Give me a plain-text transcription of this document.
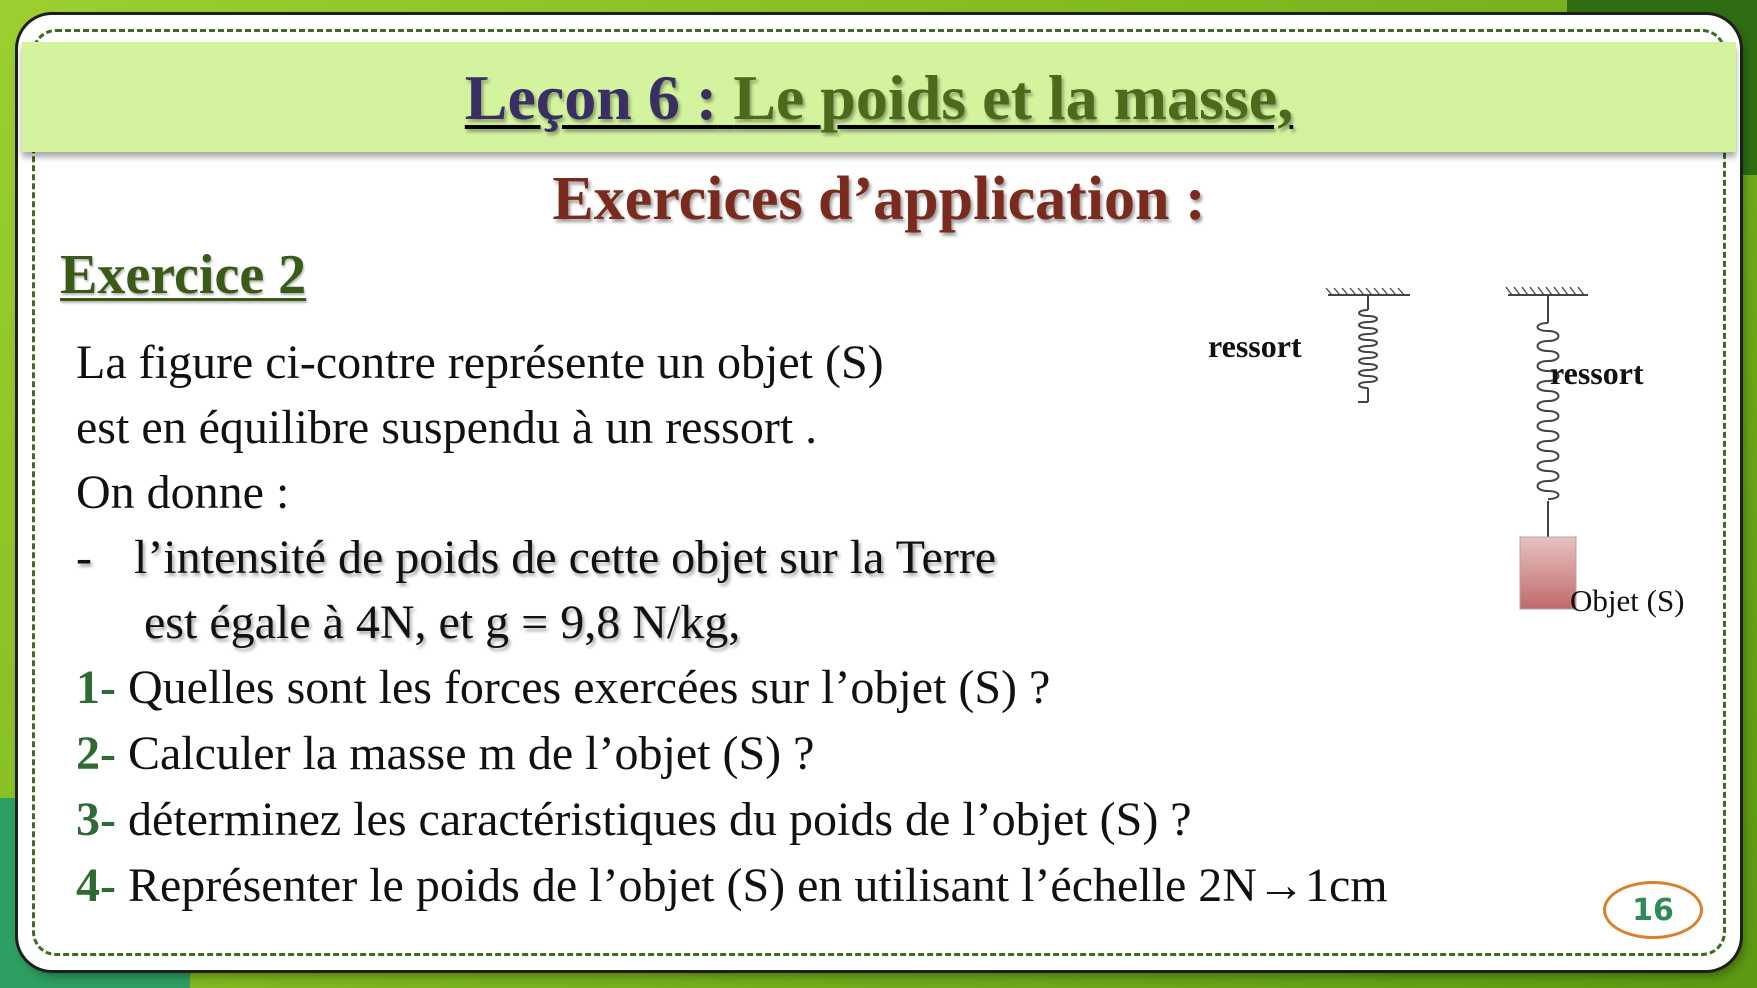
Leçon 6 : Le poids et la masse,
Exercices d’application :
Exercice 2
La figure ci-contre représente un objet (S)
est en équilibre suspendu à un ressort .
On donne :
- l’intensité de poids de cette objet sur la Terre
est égale à 4N, et g = 9,8 N/kg,
1- Quelles sont les forces exercées sur l’objet (S) ?
2- Calculer la masse m de l’objet (S) ?
3- déterminez les caractéristiques du poids de l’objet (S) ?
4- Représenter le poids de l’objet (S) en utilisant l’échelle 2N→1cm
ressort
ressort
Objet (S)
16
